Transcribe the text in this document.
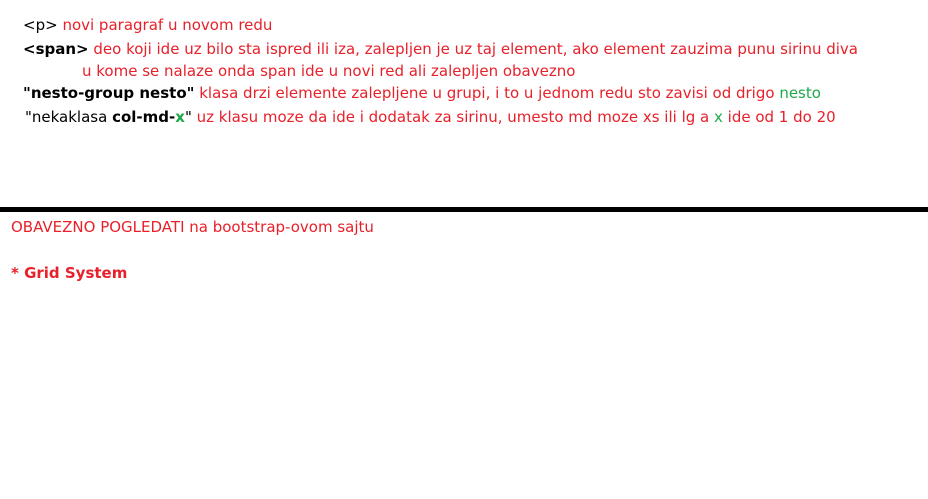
<p> novi paragraf u novom redu
<span> deo koji ide uz bilo sta ispred ili iza, zalepljen je uz taj element, ako element zauzima punu sirinu diva
u kome se nalaze onda span ide u novi red ali zalepljen obavezno
"nesto-group nesto" klasa drzi elemente zalepljene u grupi, i to u jednom redu sto zavisi od drigo nesto
"nekaklasa col-md-x" uz klasu moze da ide i dodatak za sirinu, umesto md moze xs ili lg a x ide od 1 do 20
OBAVEZNO POGLEDATI na bootstrap-ovom sajtu
* Grid System
